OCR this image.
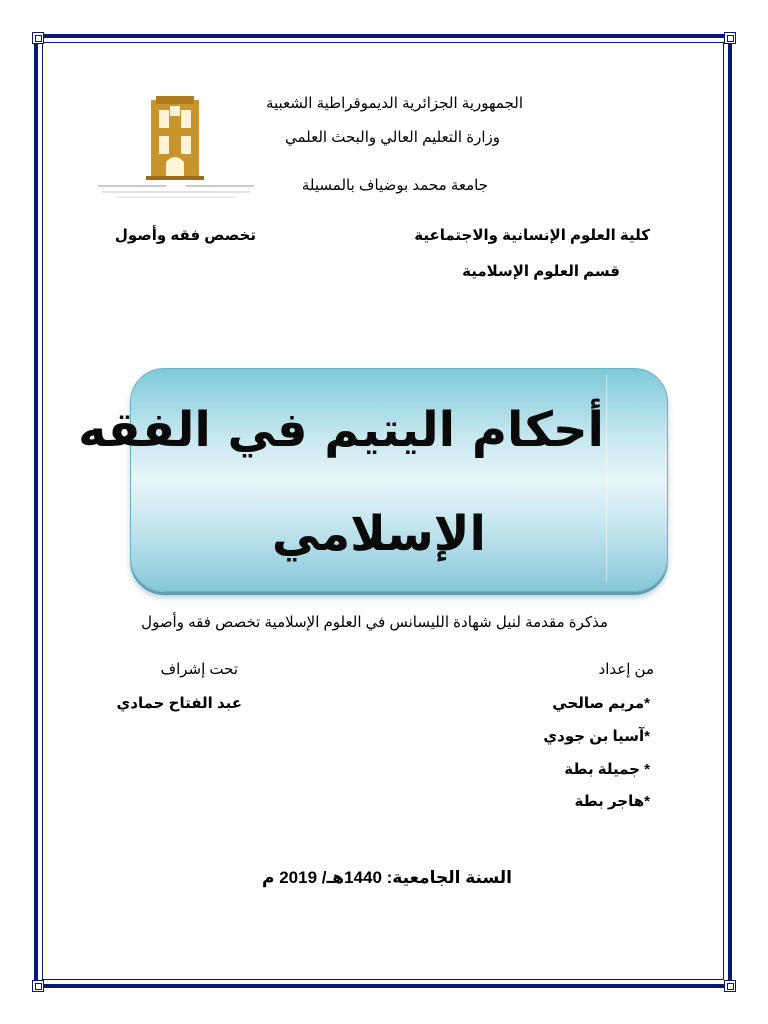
الجمهورية الجزائرية الديموقراطية الشعبية
وزارة التعليم العالي والبحث العلمي
جامعة محمد بوضياف بالمسيلة
كلية العلوم الإنسانية والاجتماعية
تخصص فقه وأصول
قسم العلوم الإسلامية
أحكام اليتيم في الفقه
الإسلامي
مذكرة مقدمة لنيل شهادة الليسانس في العلوم الإسلامية تخصص فقه وأصول
من إعداد
تحت إشراف
*مريم صالحي
عبد الفتاح حمادي
*آسيا بن جودي
* جميلة بطة
*هاجر بطة
السنة الجامعية: 1440هـ/ 2019 م
